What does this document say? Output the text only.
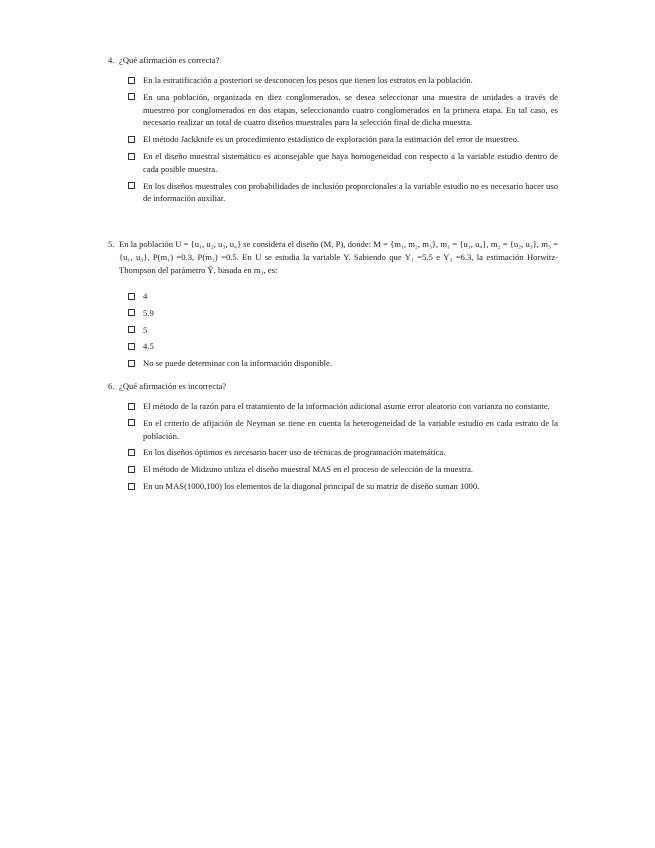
4. ¿Qué afirmación es correcta?
En la estratificación a posteriori se desconocen los pesos que tienen los estratos en la población.
En una población, organizada en diez conglomerados, se desea seleccionar una muestra de unidades a través de muestreo por conglomerados en dos etapas, seleccionando cuatro conglomerados en la primera etapa. En tal caso, es necesario realizar un total de cuatro diseños muestrales para la selección final de dicha muestra.
El método Jackknife es un procedimiento estadístico de exploración para la estimación del error de muestreo.
En el diseño muestral sistemático es aconsejable que haya homogeneidad con respecto a la variable estudio dentro de cada posible muestra.
En los diseños muestrales con probabilidades de inclusión proporcionales a la variable estudio no es necesario hacer uso de información auxiliar.
5. En la población U = {u₁, u₂, u₃, u₄} se considera el diseño (M, P), donde: M = {m₁, m₂, m₃}, m₁ = {u₁, u₄}, m₂ = {u₂, u₃}, m₃ = {u₁, u₃}, P(m₁) =0.3, P(m₂) =0.5. En U se estudia la variable Y. Sabiendo que Y₁ =5.5 e Y₃ =6.3, la estimación Horwitz-Thompson del parámetro Ȳ, basada en m₃, es:
4
5.9
5
4.5
No se puede determinar con la información disponible.
6. ¿Qué afirmación es incorrecta?
El método de la razón para el tratamiento de la información adicional asume error aleatorio con varianza no constante.
En el criterio de afijación de Neyman se tiene en cuenta la heterogeneidad de la variable estudio en cada estrato de la población.
En los diseños óptimos es necesario hacer uso de técnicas de programación matemática.
El método de Midzuno utiliza el diseño muestral MAS en el proceso de selección de la muestra.
En un MAS(1000,100) los elementos de la diagonal principal de su matriz de diseño suman 1000.
